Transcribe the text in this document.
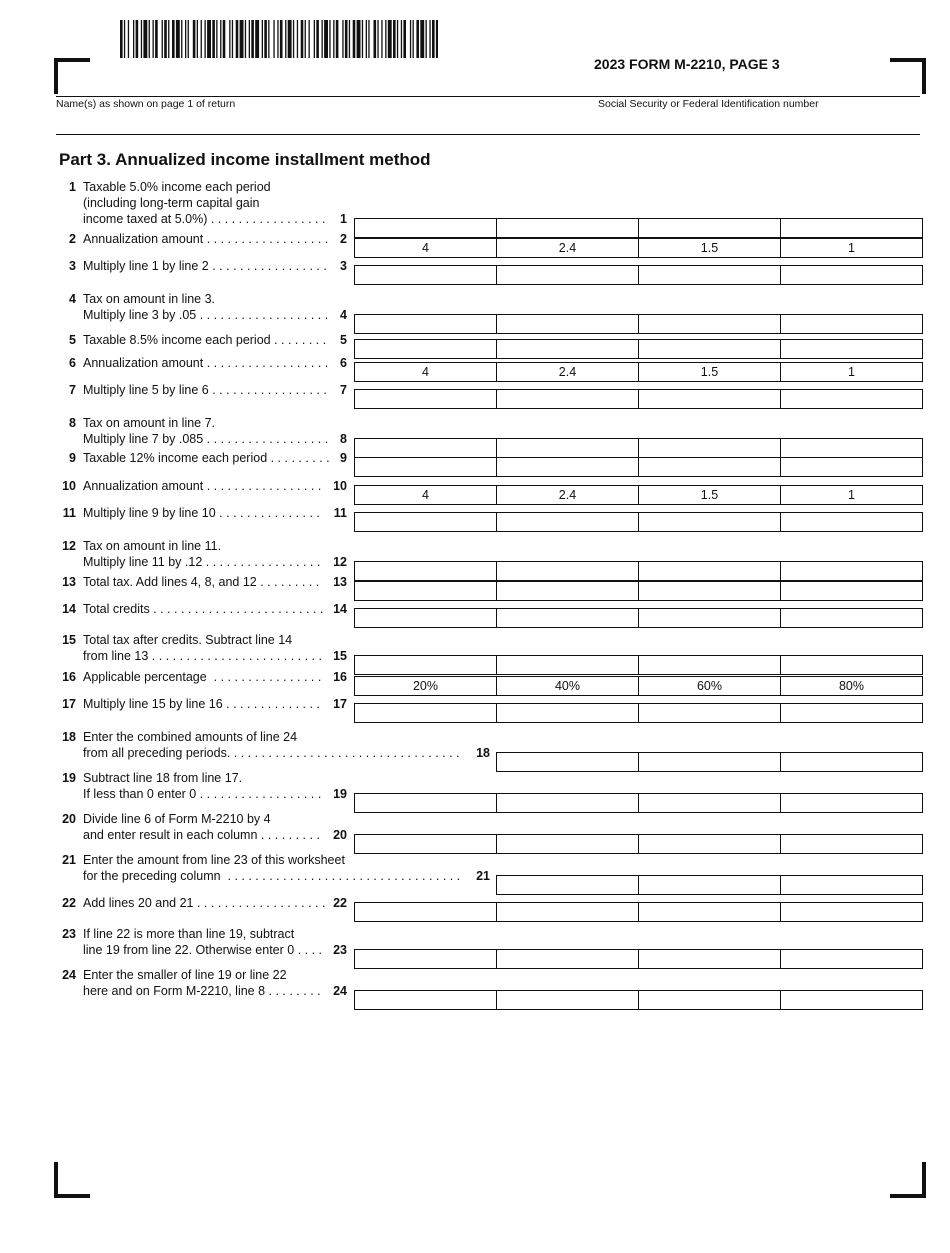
2023 FORM M-2210, PAGE 3
Name(s) as shown on page 1 of return	Social Security or Federal Identification number
Part 3. Annualized income installment method
1 Taxable 5.0% income each period
(including long-term capital gain
income taxed at 5.0%) . . . . . . . . . . . . . . . . . 1
2 Annualization amount . . . . . . . . . . . . . . . . . . 2
4	2.4	1.5	1
3 Multiply line 1 by line 2 . . . . . . . . . . . . . . . . . 3
4 Tax on amount in line 3.
Multiply line 3 by .05 . . . . . . . . . . . . . . . . . . . 4
5 Taxable 8.5% income each period . . . . . . . . 5
6 Annualization amount . . . . . . . . . . . . . . . . . . 6
4	2.4	1.5	1
7 Multiply line 5 by line 6 . . . . . . . . . . . . . . . . . 7
8 Tax on amount in line 7.
Multiply line 7 by .085 . . . . . . . . . . . . . . . . . . 8
9 Taxable 12% income each period . . . . . . . . . 9
10 Annualization amount . . . . . . . . . . . . . . . . . 10
4	2.4	1.5	1
11 Multiply line 9 by line 10 . . . . . . . . . . . . . . . 11
12 Tax on amount in line 11.
Multiply line 11 by .12 . . . . . . . . . . . . . . . . . 12
13 Total tax. Add lines 4, 8, and 12 . . . . . . . . . 13
14 Total credits . . . . . . . . . . . . . . . . . . . . . . . . . 14
15 Total tax after credits. Subtract line 14
from line 13 . . . . . . . . . . . . . . . . . . . . . . . . . 15
16 Applicable percentage  . . . . . . . . . . . . . . . . 16
20%	40%	60%	80%
17 Multiply line 15 by line 16 . . . . . . . . . . . . . . 17
18 Enter the combined amounts of line 24
from all preceding periods. . . . . . . . . . . . . . . . . . . . . . . . . . . . . . . . . . 18
19 Subtract line 18 from line 17.
If less than 0 enter 0 . . . . . . . . . . . . . . . . . . 19
20 Divide line 6 of Form M-2210 by 4
and enter result in each column . . . . . . . . . 20
21 Enter the amount from line 23 of this worksheet
for the preceding column  . . . . . . . . . . . . . . . . . . . . . . . . . . . . . . . . . . 21
22 Add lines 20 and 21 . . . . . . . . . . . . . . . . . . . 22
23 If line 22 is more than line 19, subtract
line 19 from line 22. Otherwise enter 0 . . . . 23
24 Enter the smaller of line 19 or line 22
here and on Form M-2210, line 8 . . . . . . . . 24
